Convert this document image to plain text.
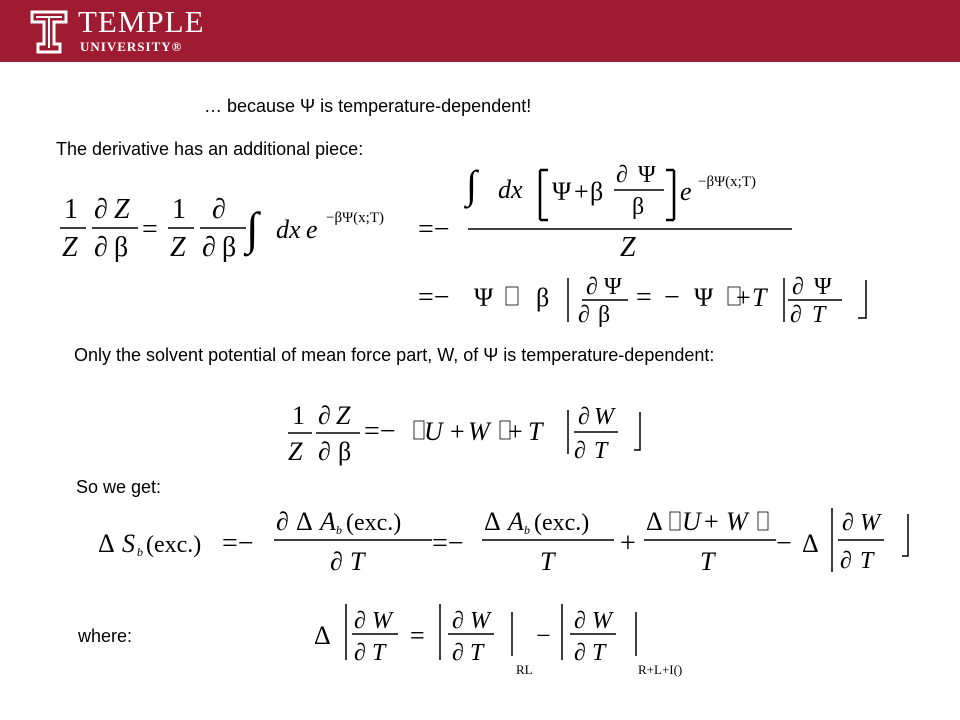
TEMPLE
UNIVERSITY®
… because Ψ is temperature-dependent!
The derivative has an additional piece:
Only the solvent potential of mean force part, W, of Ψ is temperature-dependent:
So we get:
where:
1
Z
∂ Z
∂ β
=
1
Z
∂
∂ β ∫ dx e −βΨ(x;T) =−
∫ dx Ψ + β
∂ Ψ
β
e −βΨ(x;T)
Z
=− Ψ β ∂ Ψ
∂ β
= − Ψ + T ∂ Ψ
∂ T
1
Z
∂ Z
∂ β
=− U + W + T ∂ W
∂ T
Δ S b (exc.) =−
∂ Δ A b (exc.)
∂ T
=−
Δ A b (exc.)
T
+
Δ U + W
T
− Δ
∂ W
∂ T
Δ ∂ W
∂ T
= ∂ W
∂ T
RL
− ∂ W
∂ T
R+L+I()
